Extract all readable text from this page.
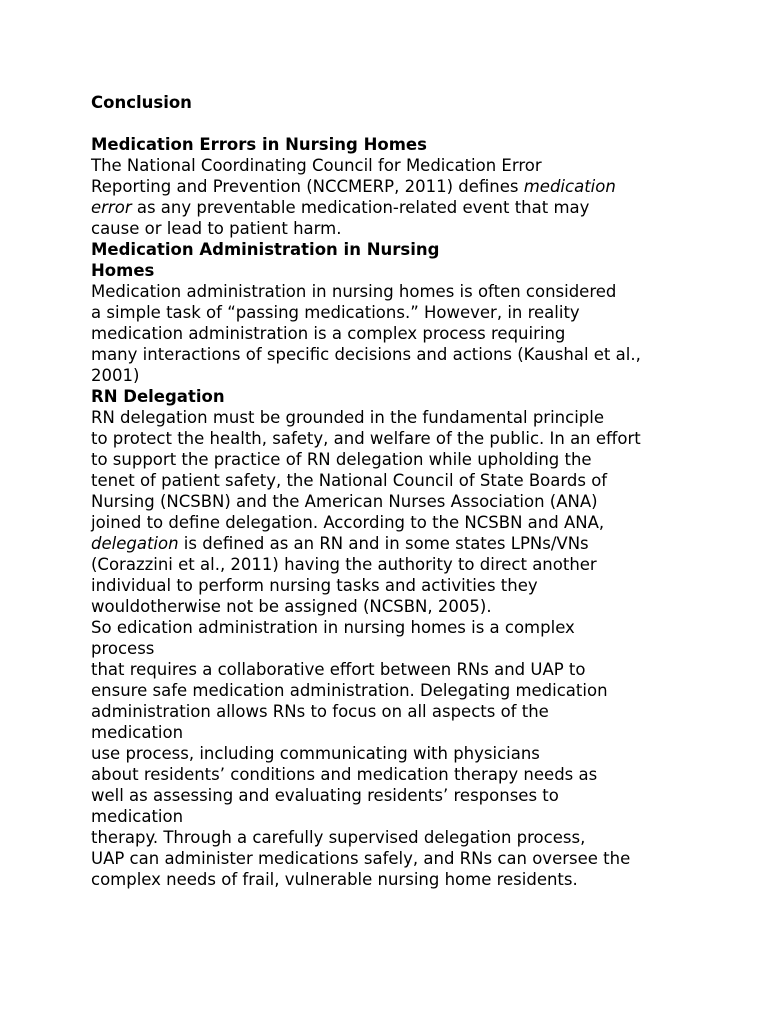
Conclusion

Medication Errors in Nursing Homes
The National Coordinating Council for Medication Error
Reporting and Prevention (NCCMERP, 2011) defines medication
error as any preventable medication-related event that may
cause or lead to patient harm.
Medication Administration in Nursing
Homes
Medication administration in nursing homes is often considered
a simple task of “passing medications.” However, in reality
medication administration is a complex process requiring
many interactions of specific decisions and actions (Kaushal et al.,
2001)
RN Delegation
RN delegation must be grounded in the fundamental principle
to protect the health, safety, and welfare of the public. In an effort
to support the practice of RN delegation while upholding the
tenet of patient safety, the National Council of State Boards of
Nursing (NCSBN) and the American Nurses Association (ANA)
joined to define delegation. According to the NCSBN and ANA,
delegation is defined as an RN and in some states LPNs/VNs
(Corazzini et al., 2011) having the authority to direct another
individual to perform nursing tasks and activities they
wouldotherwise not be assigned (NCSBN, 2005).
So edication administration in nursing homes is a complex
process
that requires a collaborative effort between RNs and UAP to
ensure safe medication administration. Delegating medication
administration allows RNs to focus on all aspects of the
medication
use process, including communicating with physicians
about residents’ conditions and medication therapy needs as
well as assessing and evaluating residents’ responses to
medication
therapy. Through a carefully supervised delegation process,
UAP can administer medications safely, and RNs can oversee the
complex needs of frail, vulnerable nursing home residents.
